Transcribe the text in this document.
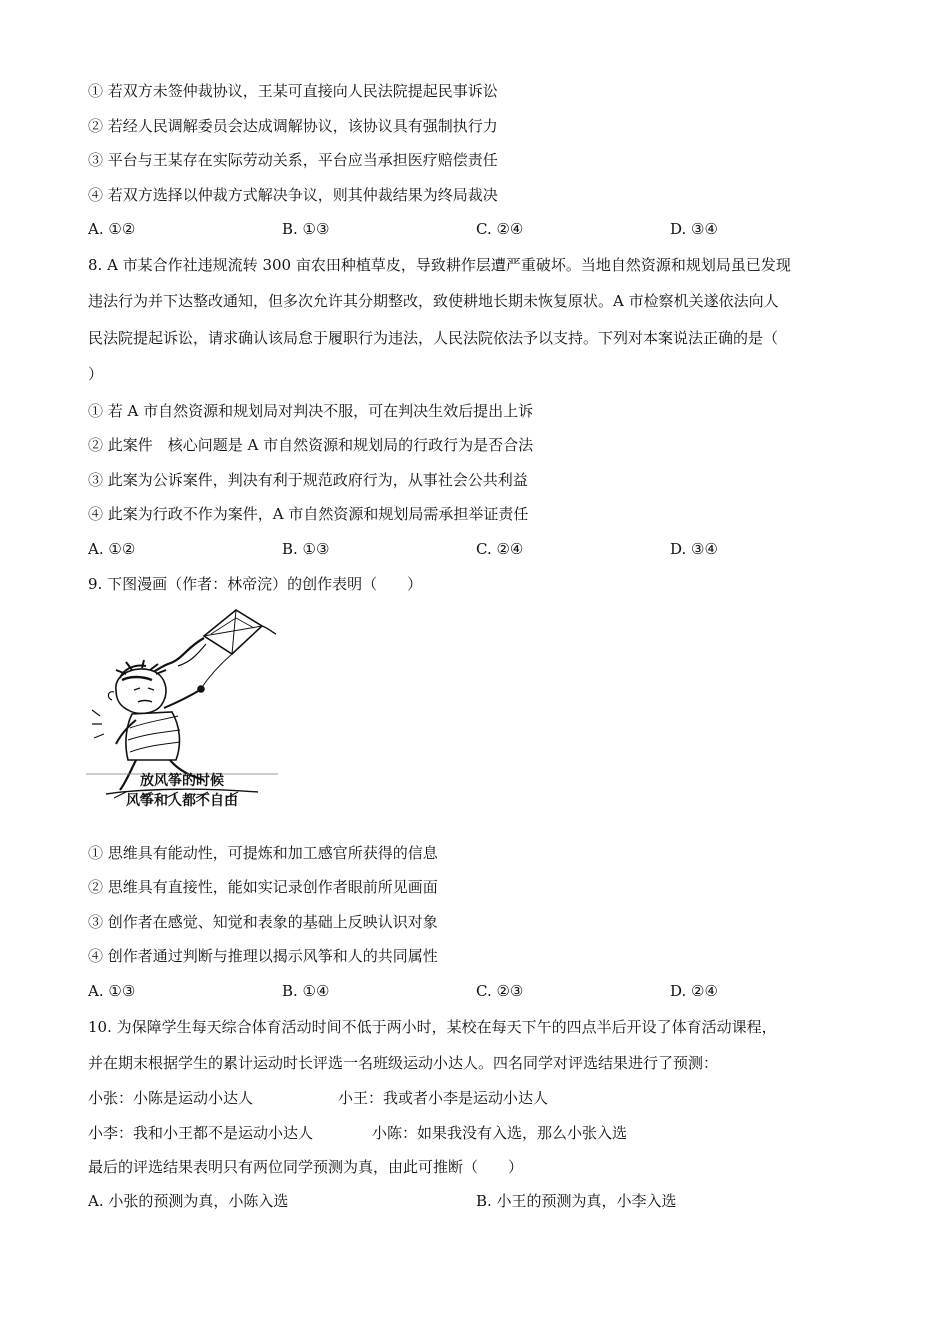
① 若双方未签仲裁协议，王某可直接向人民法院提起民事诉讼
② 若经人民调解委员会达成调解协议，该协议具有强制执行力
③ 平台与王某存在实际劳动关系，平台应当承担医疗赔偿责任
④ 若双方选择以仲裁方式解决争议，则其仲裁结果为终局裁决
A. ①②	B. ①③	C. ②④	D. ③④
8. A 市某合作社违规流转 300 亩农田种植草皮，导致耕作层遭严重破坏。当地自然资源和规划局虽已发现
违法行为并下达整改通知，但多次允许其分期整改，致使耕地长期未恢复原状。A 市检察机关遂依法向人
民法院提起诉讼，请求确认该局怠于履职行为违法，人民法院依法予以支持。下列对本案说法正确的是（
）
① 若 A 市自然资源和规划局对判决不服，可在判决生效后提出上诉
② 此案件　核心问题是 A 市自然资源和规划局的行政行为是否合法
③ 此案为公诉案件，判决有利于规范政府行为，从事社会公共利益
④ 此案为行政不作为案件，A 市自然资源和规划局需承担举证责任
A. ①②	B. ①③	C. ②④	D. ③④
9. 下图漫画（作者：林帝浣）的创作表明（　　）
放风筝的时候
风筝和人都不自由
① 思维具有能动性，可提炼和加工感官所获得的信息
② 思维具有直接性，能如实记录创作者眼前所见画面
③ 创作者在感觉、知觉和表象的基础上反映认识对象
④ 创作者通过判断与推理以揭示风筝和人的共同属性
A. ①③	B. ①④	C. ②③	D. ②④
10. 为保障学生每天综合体育活动时间不低于两小时，某校在每天下午的四点半后开设了体育活动课程，
并在期末根据学生的累计运动时长评选一名班级运动小达人。四名同学对评选结果进行了预测：
小张：小陈是运动小达人	小王：我或者小李是运动小达人
小李：我和小王都不是运动小达人	小陈：如果我没有入选，那么小张入选
最后的评选结果表明只有两位同学预测为真，由此可推断（　　）
A. 小张的预测为真，小陈入选	B. 小王的预测为真，小李入选
